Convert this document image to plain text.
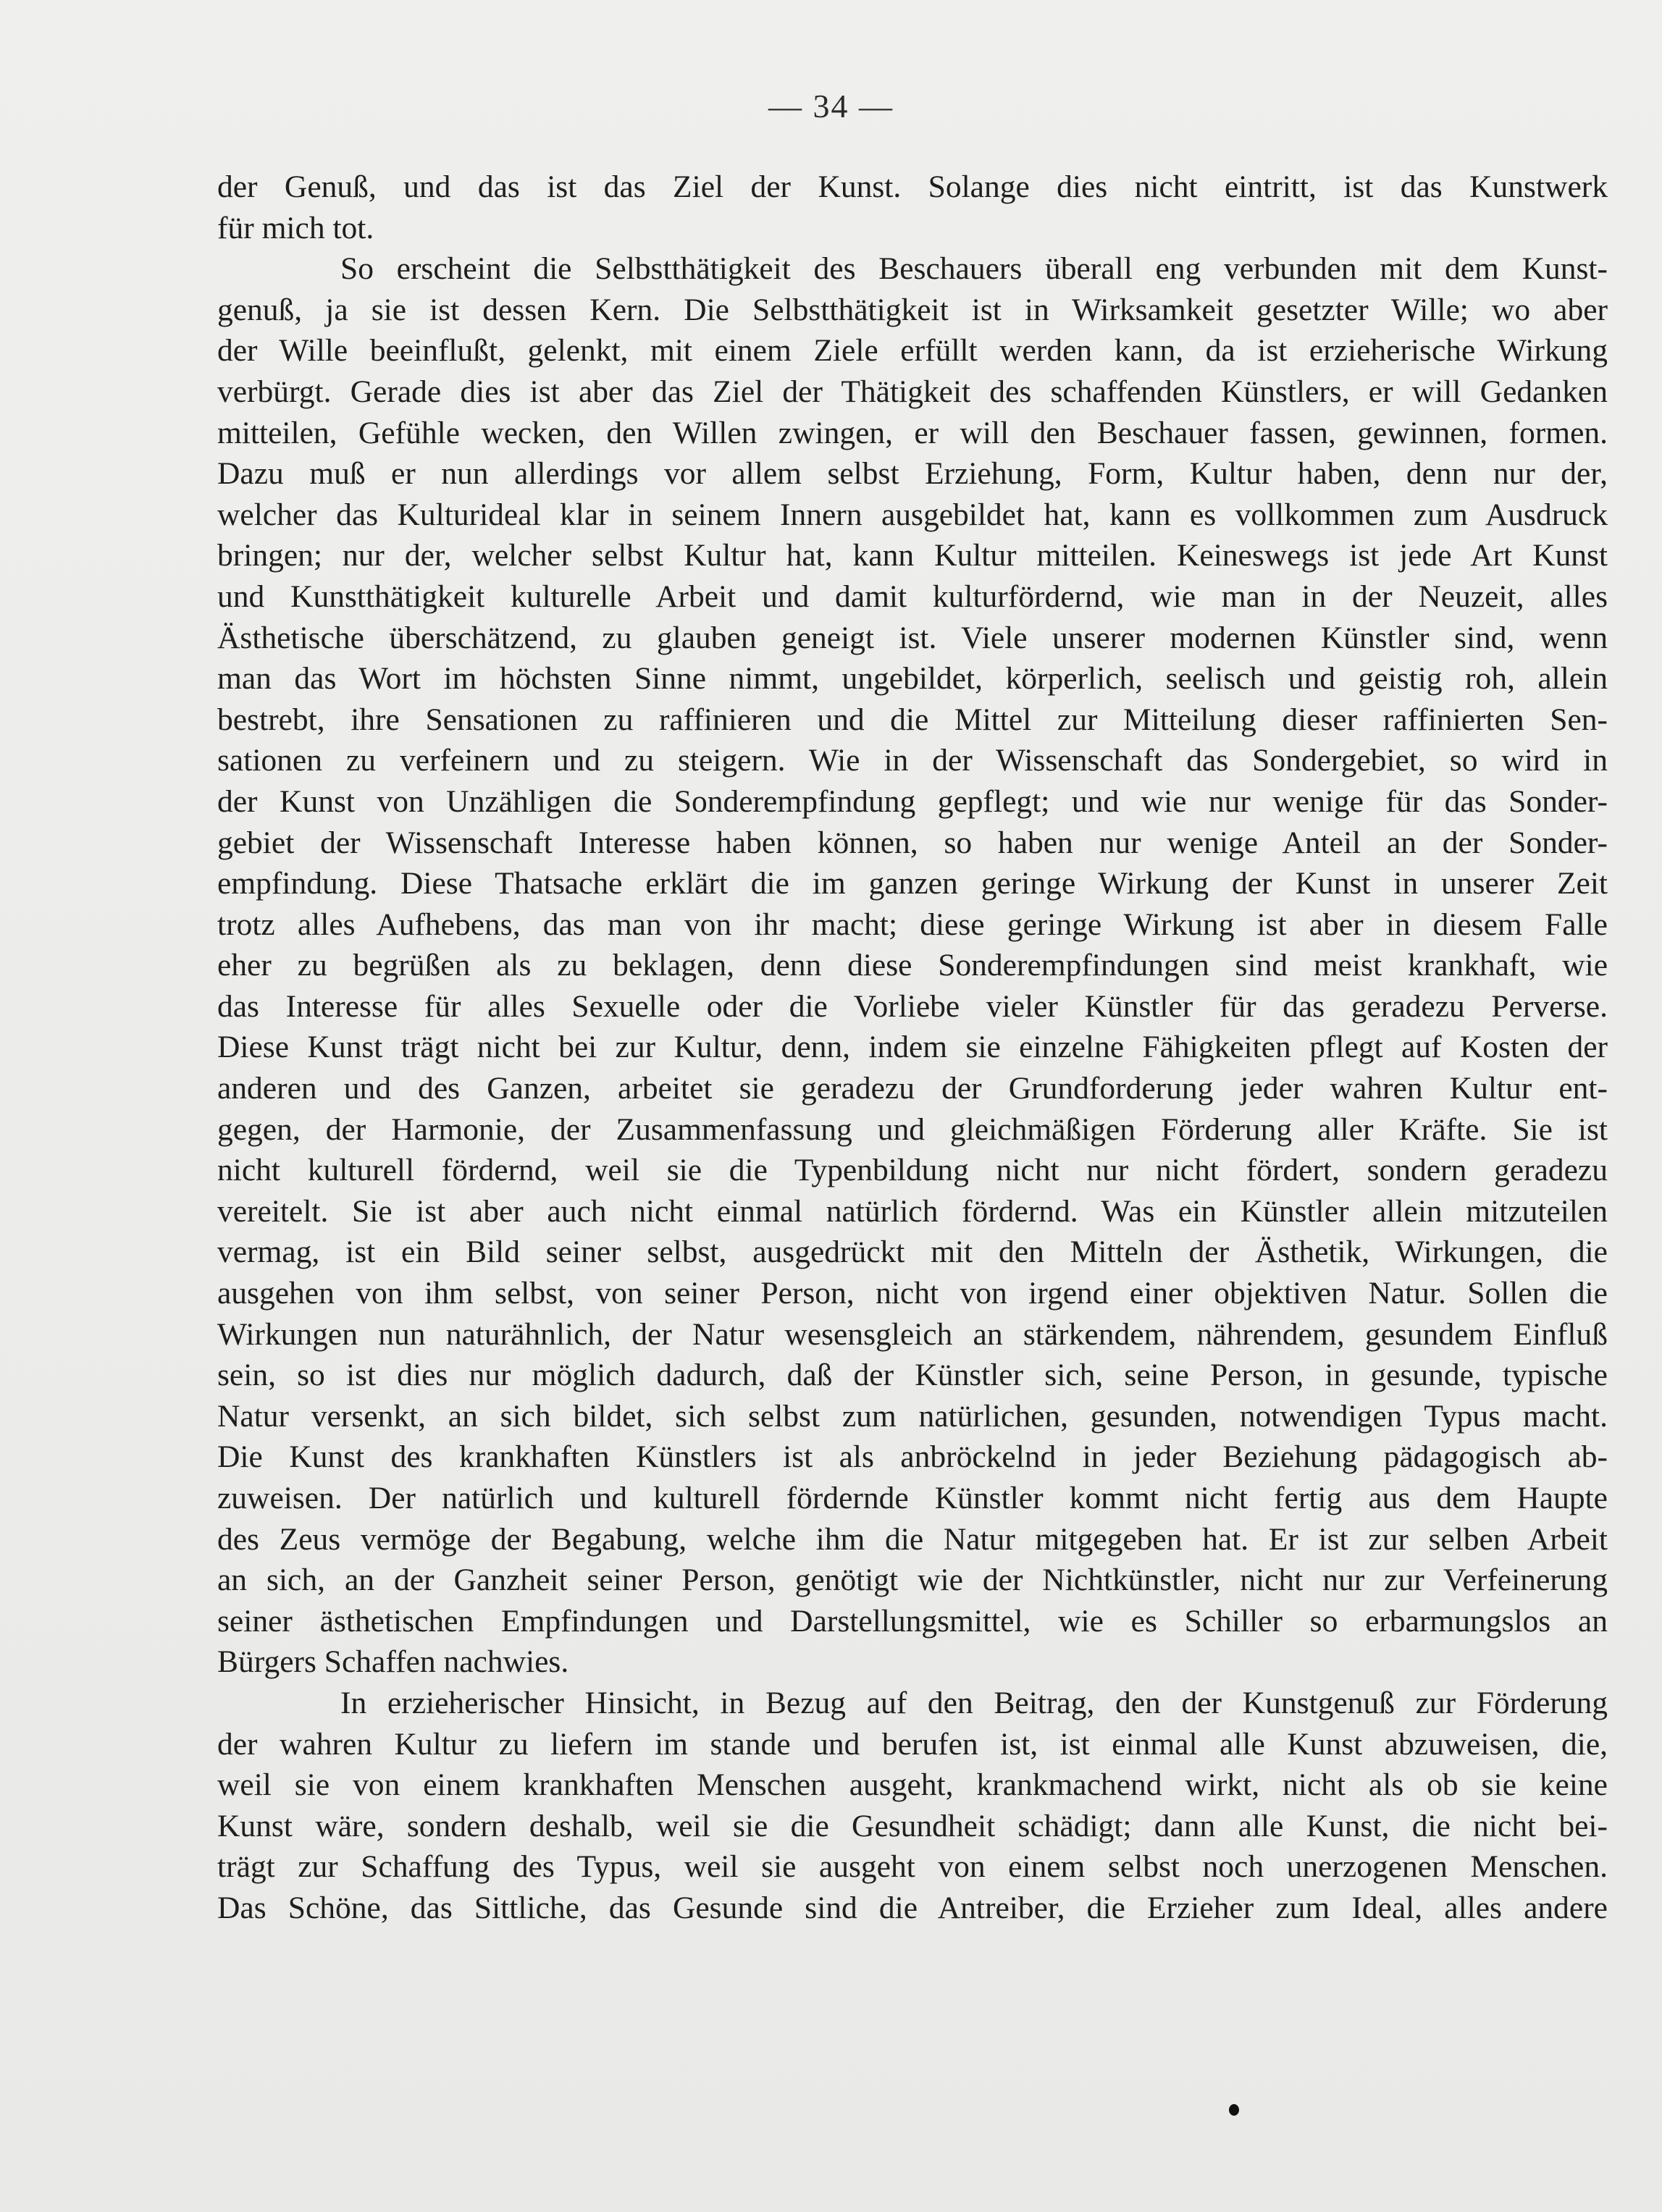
— 34 —
der Genuß, und das ist das Ziel der Kunst. Solange dies nicht eintritt, ist das Kunstwerk
für mich tot.
So erscheint die Selbstthätigkeit des Beschauers überall eng verbunden mit dem Kunst-
genuß, ja sie ist dessen Kern. Die Selbstthätigkeit ist in Wirksamkeit gesetzter Wille; wo aber
der Wille beeinflußt, gelenkt, mit einem Ziele erfüllt werden kann, da ist erzieherische Wirkung
verbürgt. Gerade dies ist aber das Ziel der Thätigkeit des schaffenden Künstlers, er will Gedanken
mitteilen, Gefühle wecken, den Willen zwingen, er will den Beschauer fassen, gewinnen, formen.
Dazu muß er nun allerdings vor allem selbst Erziehung, Form, Kultur haben, denn nur der,
welcher das Kulturideal klar in seinem Innern ausgebildet hat, kann es vollkommen zum Ausdruck
bringen; nur der, welcher selbst Kultur hat, kann Kultur mitteilen. Keineswegs ist jede Art Kunst
und Kunstthätigkeit kulturelle Arbeit und damit kulturfördernd, wie man in der Neuzeit, alles
Ästhetische überschätzend, zu glauben geneigt ist. Viele unserer modernen Künstler sind, wenn
man das Wort im höchsten Sinne nimmt, ungebildet, körperlich, seelisch und geistig roh, allein
bestrebt, ihre Sensationen zu raffinieren und die Mittel zur Mitteilung dieser raffinierten Sen-
sationen zu verfeinern und zu steigern. Wie in der Wissenschaft das Sondergebiet, so wird in
der Kunst von Unzähligen die Sonderempfindung gepflegt; und wie nur wenige für das Sonder-
gebiet der Wissenschaft Interesse haben können, so haben nur wenige Anteil an der Sonder-
empfindung. Diese Thatsache erklärt die im ganzen geringe Wirkung der Kunst in unserer Zeit
trotz alles Aufhebens, das man von ihr macht; diese geringe Wirkung ist aber in diesem Falle
eher zu begrüßen als zu beklagen, denn diese Sonderempfindungen sind meist krankhaft, wie
das Interesse für alles Sexuelle oder die Vorliebe vieler Künstler für das geradezu Perverse.
Diese Kunst trägt nicht bei zur Kultur, denn, indem sie einzelne Fähigkeiten pflegt auf Kosten der
anderen und des Ganzen, arbeitet sie geradezu der Grundforderung jeder wahren Kultur ent-
gegen, der Harmonie, der Zusammenfassung und gleichmäßigen Förderung aller Kräfte. Sie ist
nicht kulturell fördernd, weil sie die Typenbildung nicht nur nicht fördert, sondern geradezu
vereitelt. Sie ist aber auch nicht einmal natürlich fördernd. Was ein Künstler allein mitzuteilen
vermag, ist ein Bild seiner selbst, ausgedrückt mit den Mitteln der Ästhetik, Wirkungen, die
ausgehen von ihm selbst, von seiner Person, nicht von irgend einer objektiven Natur. Sollen die
Wirkungen nun naturähnlich, der Natur wesensgleich an stärkendem, nährendem, gesundem Einfluß
sein, so ist dies nur möglich dadurch, daß der Künstler sich, seine Person, in gesunde, typische
Natur versenkt, an sich bildet, sich selbst zum natürlichen, gesunden, notwendigen Typus macht.
Die Kunst des krankhaften Künstlers ist als anbröckelnd in jeder Beziehung pädagogisch ab-
zuweisen. Der natürlich und kulturell fördernde Künstler kommt nicht fertig aus dem Haupte
des Zeus vermöge der Begabung, welche ihm die Natur mitgegeben hat. Er ist zur selben Arbeit
an sich, an der Ganzheit seiner Person, genötigt wie der Nichtkünstler, nicht nur zur Verfeinerung
seiner ästhetischen Empfindungen und Darstellungsmittel, wie es Schiller so erbarmungslos an
Bürgers Schaffen nachwies.
In erzieherischer Hinsicht, in Bezug auf den Beitrag, den der Kunstgenuß zur Förderung
der wahren Kultur zu liefern im stande und berufen ist, ist einmal alle Kunst abzuweisen, die,
weil sie von einem krankhaften Menschen ausgeht, krankmachend wirkt, nicht als ob sie keine
Kunst wäre, sondern deshalb, weil sie die Gesundheit schädigt; dann alle Kunst, die nicht bei-
trägt zur Schaffung des Typus, weil sie ausgeht von einem selbst noch unerzogenen Menschen.
Das Schöne, das Sittliche, das Gesunde sind die Antreiber, die Erzieher zum Ideal, alles andere
